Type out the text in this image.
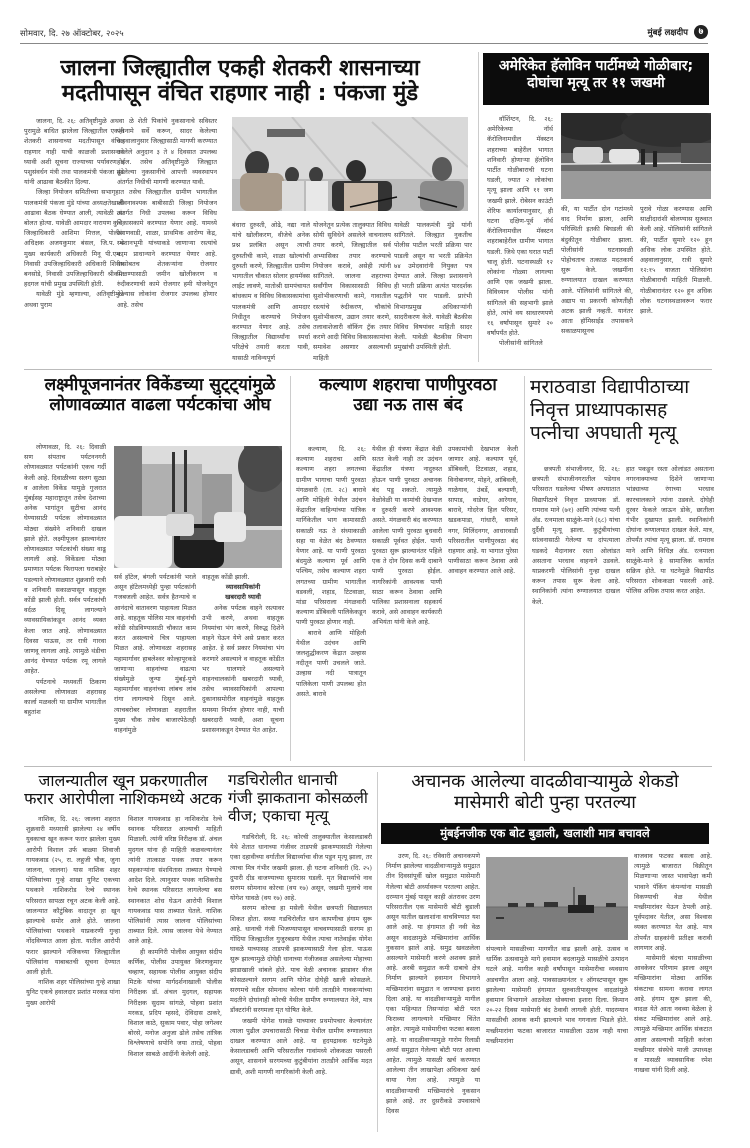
सोमवार, दि. २७ ऑक्टोबर, २०२५	मुंबई लक्षदीप	७
जालना जिल्ह्यातील एकही शेतकरी शासनाच्या
मदतीपासून वंचित राहणार नाही : पंकजा मुंडे

जालना, दि. २६: अतिवृष्टीमुळे अथवा पुरामुळे बाधित झालेला जिल्ह्यातील एकही शेतकरी शासनाच्या मदतीपासून वंचित राहणार नाही याची काळजी प्रशासनाने घ्यावी अशी सूचना राज्याच्या पर्यावरण व पशुसंवर्धन मंत्री तथा पालकमंत्री पंकजा मुंडे यांनी आढावा बैठकीत दिल्या.

जिल्हा नियोजन समितीच्या सभागृहात पालकमंत्री पंकजा मुंडे यांच्या अध्यक्षतेखाली आढावा बैठक घेण्यात आली, त्यावेळी त्या बोलत होत्या. यावेळी आमदार नारायण कुचे, जिल्हाधिकारी आशिमा मित्तल, पोलीस अधिक्षक अजयकुमार बंसल, जि.प. चे मुख्य कार्यकारी अधिकारी मिनू पी.एम., निवासी उपजिल्हाधिकारी अधिकारी शिरीष बनसोडे, निवासी उपजिल्हाधिकारी श्रीकांत हदगल यांची प्रमुख उपस्थिती होती.

यावेळी मुंडे म्हणाल्या, अतिवृष्टीमुळे अथवा पुराम

ळे शेती पिकांचे नुकसानाचे सविस्तर पंचनामे सर्वे करून, सादर केलेल्या अहवालानुसार जिल्ह्यासाठी मागणी करण्यात आलेले अनुदान ३ ते ४ दिवसात उपलब्ध होईल. तसेच अतिवृष्टीमुळे जिल्ह्यात झालेल्या नुकसानीचे आपत्ती व्यवस्थापन अंतर्गत निधीची मागणी करण्यात यावी.

तसेच जिल्ह्यातील ग्रामीण भागातील जीवनावश्यक बाबीसाठी जिल्हा नियोजन अंतर्गत निधी उपलब्ध करून विविध विकासकामे करण्यात येणार आहे. यामध्ये अंगणवाडी, शाळा, प्राथमिक आरोग्य केंद्र, स्मशानभूमी यांच्याकडे जाणाऱ्या रस्त्यांचे काम प्राधान्याने करण्यात येणार आहे. यासोबतच शेतकऱ्यांना रोजगार मिळण्यासाठी जमीन खोलीकरण व रुंदीकरणाची कामे रोजगार हमी योजनेतून केल्यास लोकांना रोजगार उपलब्ध होणार आहे. तसेच

बंधारा दुरुस्ती, ओढे, नद्या नाले यांचे खोलीकरण, वीजेचे अनेक प्रश्न प्रलंबित असून त्याची दुरुस्तीची कामे, शाळा खोल्यांची दुरुस्ती करणे, जिल्ह्यातील ग्रामीण भागातील चौकात सोलार हायमॅक्स लाईट लावणे, मातोश्री ग्रामपंचायत बांधकाम व विविध विकासकामांचा पालकमंत्री आणि आमदार निधीतून करण्याचे नियोजन करण्यात येणार आहे. तसेच जिल्ह्यातील विद्यार्थ्यांना स्पर्धा परिक्षेचे तयारी करता यावी, यासाठी नाविन्यपूर्ण

योजनेतून प्रत्येक तालुक्यात विविध सोयी सुविधेने असलेले वाचनालय तयार करणे, जिल्ह्यातील सर्व अभ्यासिका तयार करण्याचे नियोजन करावे, असेही त्यांनी सांगितले. जालना शहराच्या सर्वांगीण विकासासाठी विविध सुशोभीकरणाची कामे, गावातील रस्त्यांचे रुंदीकरण, चौकांचे सुशोभीकरण, उद्यान तयार करणे, तलावाशेजारी वॉकिंग ट्रॅक तयार करणे आदी विविध विकासकामांचा समावेश असणार असल्याची माहिती

यावेळी पालकमंत्री मुंडे यांनी सांगितले. जिल्ह्यात नुकतीच पोलीस पाटील भरती प्रक्रिया पार पाडली असून या भरती प्रक्रियेत ७४ उमेदवारांनी नियुक्त पत्र देण्यात आले. जिल्हा प्रशासनाने ही भरती प्रक्रिया अत्यंत पारदर्शक पद्धतीने पार पाडली. प्रारंभी विभागप्रमुख अधिकाऱ्यांनी सादरीकरण केले. यावेळी बैठकीस विविध विषयांवर माहिती सादर केली. यावेळी बैठकीस विभाग प्रमुखांची उपस्थिती होती.

अमेरिकेत हॅलोविन पार्टीमध्ये गोळीबार;
दोघांचा मृत्यू तर ११ जखमी

वॉशिंग्टन, दि. २६: अमेरिकेच्या नॉर्थ कॅरोलिनामधील मॅक्स्टन शहराच्या बाहेरील भागात शनिवारी होणाऱ्या हॅलोविन पार्टीत गोळीबाराची घटना घडली, ज्यात २ लोकांचा मृत्यू झाला आणि ११ जण जखमी झाले. रोबेसन काउंटी शेरिफ कार्यालयानुसार, ही घटना दक्षिण-पूर्व नॉर्थ कॅरोलिनामधील मॅक्स्टन शहराबाहेरील ग्रामीण भागात घडली. जिथे एका घरात पार्टी चालू होती. घटनास्थळी १२ लोकांना गोळ्या लागल्या आणि एक जखमी झाला. विविध्यान पोलीस यांनी सांगितले की सहभागी झाले होते, त्यांचे वय साधारणपणे १६ वर्षांपासून सुमारे २० वर्षांपर्यंत होते.

पोलीसांनी सांगितले

की, या पार्टीत दोन गटांमध्ये वाद निर्माण झाला, आणि परिस्थिती इतकी बिघडली की बंदुकीतून गोळीबार झाला. पोलीसांनी घटनास्थळी पोहोचताच तत्काळ मदतकार्य सुरू केले. जखमींना रुग्णालयात दाखल करण्यात आले. पोलिसांनी सांगितले की, अद्याप या प्रकरणी कोणतीही अटक झाली नव्हती. यानंतर आता हॉमिसाईड तपासकने सकाळपासूनच

पुरावे गोळा करण्यास आणि साक्षीदारांशी बोलण्यास सुरुवात केली आहे. पोलिसांनी सांगितले की, पार्टीत सुमारे १२० हून अधिक लोक उपस्थित होते. अहवालानुसार, रात्री सुमारे १२:१५ वाजता पोलिसांना गोळीबाराची माहिती मिळाली. गोळीबारानंतर १२० हून अधिक लोक घटनास्थळावरून फरार झाले.

लक्ष्मीपूजनानंतर विकेंडच्या सुट्ट्यांमुळे
लोणावळ्यात वाढला पर्यटकांचा ओघ

लोणावळा, दि. २६: दिवाळी सण संपताच पर्यटननगरी लोणावळ्यात पर्यटकांनी एकच गर्दी केली आहे. दिवाळीच्या सलग सुट्या व आलेला विकेंड यामुळे गुजरात मुंबईसह महाराष्ट्रातून तसेच देशाच्या अनेक भागांतून सुटीचा आनंद घेण्यासाठी पर्यटक लोणावळ्यात मोठ्या संख्येने शनिवारी दाखल झाले होते. लक्ष्मीपूजन झाल्यानंतर लोणावळ्यात पर्यटकांची संख्या वाढू लागली आहे. विकेंडला मोठ्या प्रमाणात पर्यटक फिरायला घराबाहेर पडल्याने लोणावळ्यात शुक्रवारी रात्री व शनिवारी सकाळपासून वाहतूक कोंडी झाली होती. सर्वत्र पर्यटकांची वर्दळ दिसू लागल्याने व्यावसायिकांकडून आनंद व्यक्त केला जात आहे. लोणावळ्यात दिवसा पाऊस, तर रात्री गारवा जाणवू लागला आहे. त्यामुळे थंडीचा आनंद घेण्यात पर्यटक रमू लागले आहेत.

पर्यटनाचे मध्यवर्ती ठिकाण असलेल्या लोणावळा शहरासह कार्ला मळवली या ग्रामीण भागातील बहुतांश

सर्व हॉटेल, बंगली पर्यटकांनी भरले असून हॉटेलमध्येही पुन्हा पर्यटकांनी गजबजली आहेत. सर्वत्र हैतन्याचे व आनंदाचे वातावरण पाहायला मिळत आहे. वाहतूक पोलिस मात्र वाहनांची कोंडी सोडविण्यासाठी चौकात काम करत असल्याचे चित्र पाहायला मिळत आहे. लोणावळा शहरासह महामार्गावर हाबलेश्वर कोल्हापूरकडे जाणाऱ्या वाहनांच्या वाढत्या संख्येमुळे जुन्या मुंबई-पुणे महामार्गावर वाहनांच्या लांबच लांब रांगा लागल्याचे दिसून आले. त्याचबरोबर लोणावळा शहरातील मुख्य चौक तसेच बाजारपेठेतही वाहनांमुळे

वाहतूक कोंडी झाली.

व्यावसायिकांनी
खबरदारी घ्यावी

अनेक पर्यटक वाहने रस्त्यावर उभी करणे, अथवा वाहतूक नियमांचा भंग करणे, विरुद्ध दिशेने वाहने घेऊन येणे असे प्रकार करत आहेत. हे सर्व प्रकार नियमांचा भंग करणारे असल्याने व वाहतूक कोंडीत भर घालणारे असल्याने वाहनचालकांनी खबरदारी घ्यावी, तसेच व्यावसायिकांनी आपल्या दुकानासमोरील वाहनांमुळे वाहतूक समस्या निर्माण होणार नाही, याची खबरदारी घ्यावी, अशा सूचना प्रशासनाकडून देण्यात येत आहेत.

कल्याण शहराचा पाणीपुरवठा
उद्या नऊ तास बंद

कल्याण, दि. २६: कल्याण शहराचा आणि कल्याण शहरा लगतच्या ग्रामीण भागाचा पाणी पुरवठा मंगळवारी (ता. २८) बारावे आणि मोहिली येथील उदंचन केंद्रातील वाहिन्यांच्या यांत्रिक मार्गिकेतील भाग कामासाठी सकाळी नऊ ते संध्याकाळी सहा या वेळेत बंद ठेवण्यात येणार आहे. या पाणी पुरवठा बंदमुळे कल्याण पूर्व आणि पश्चिम, तसेच कल्याण शहरा लगतच्या ग्रामीण भागातील वडवली, शहाड, टिटवाळा, मांडा परिसराला मंगळवारी कल्याण डोंबिवली पालिकेकडून पाणी पुरवठा होणार नाही.

बारावे आणि मोहिली येथील उदंचन आणि जलशुद्धीकरण केंद्रात उल्हास नदीतून पाणी उचलले जाते. उल्हास नदी पात्रातून पालिकेला पाणी उपलब्ध होत असते. बारावे

येथील ही यंत्रणा केंद्रात वेळी सतत केली नाही तर उदंचन केंद्रातील यंत्रणा नादुरुस्त होऊन पाणी पुरवठा अचानक बंद पडू शकतो. त्यामुळे वेळोवेळी या कामांची देखभाल व दुरुस्ती करणे आवश्यक असते. मंगळवारी बंद करण्यात आलेला पाणी पुरवठा बुधवारी सकाळी पूर्ववत होईल. पाणी पुरवठा सुरू झाल्यानंतर पहिले एक ते दोन दिवस कमी दाबाने पाणी पुरवठा होईल. नागरिकांनी आवश्यक पाणी साठा करून ठेवावा आणि पालिका प्रशासनाला सहकार्य करावे, असे आवाहन कार्यकारी अभियंता यांनी केले आहे.

उपकामांची देखभाल केली जाणार आहे. कल्याण पूर्व, डोंबिवली, टिटवाळा, शहाड, विनोबानगर, मोहने, आंबिवली, गाळेगाव, उंबर्डे, बल्याणी, सापाड, वाडेघर, आरेगाव, बारावे, गोदरेज हिल परिसर, खडकपाडा, गांधारी, वायले नगर, मिलिंदनगर, आधारवाडी परिसरातील पाणीपुरवठा बंद राहणार आहे. या भागात पुरेसा पाणीसाठा करून ठेवावा असे आवाहन करण्यात आले आहे.

मराठवाडा विद्यापीठाच्या
निवृत्त प्राध्यापकासह
पत्नीचा अपघाती मृत्यू

छत्रपती संभाजीनगर, दि. २६: छत्रपती संभाजीनगरातील पडेगाव परिसरात घडलेल्या भीषण अपघातात विद्यापीठाचे निवृत्त प्राध्यापक डॉ. रामराव माने (७१) आणि त्यांच्या पत्नी ॲड. रत्नमाला साळुंके-माने (६८) यांचा दुर्दैवी मृत्यू झाला. कुटुंबीयांच्या सांत्वनासाठी गेलेल्या या दांपत्याला घडकदे मैदानावर रस्ता ओलांडत असताना भरधाव वाहनाने उडवले. याप्रकरणी पोलिसांनी गुन्हा दाखल करून तपास सुरू केला आहे. स्थानिकांनी त्यांना रुग्णालयात दाखल केले.

हात पकडून रस्ता ओलांडत असताना नगरनाक्याच्या दिशेने जाणाऱ्या भांड्याच्या रंगाच्या भरधाव कारचालकाने त्यांना उडवले. दोघेही दूरवर फेकले जाऊन डोके, छातीला गंभीर दुखापत झाली. स्थानिकांनी दोघांना रुग्णालयात दाखल केले. मात्र, तोपर्यंत त्यांचा मृत्यू झाला. डॉ. रामराव माने आणि विधिज्ञ ॲड. रत्नमाला साळुंके-माने हे सामाजिक कार्यात सक्रिय होते. या घटनेमुळे विद्यापीठ परिसरात शोककळा पसरली आहे. पोलिस अधिक तपास करत आहेत.

जालन्यातील खून प्रकरणातील
फरार आरोपीला नाशिकमध्ये अटक

नाशिक, दि. २६: जालना शहरात शुक्रवारी मध्यरात्री झालेल्या २४ वर्षीय युवकाचा खून करून फरार झालेला मुख्य आरोपी विशाल उर्फ बाळ्या शिवाजी गायकवाड (२५, रा. लहुजी चौक, जुना जालना, जालना) यास नाशिक शहर पोलिसांच्या गुन्हे शाखा युनिट एकच्या पथकाने नाशिकरोड रेल्वे स्थानक परिसरात सापळा रचून अटक केली आहे. जालन्यात कौटुंबिक वादातून हा खून झाल्याचे समोर आले होते. जालना पोलिसांच्या पथकाने याप्रकरणी गुन्हा नोंदविण्यात आला होता. यातील आरोपी फरार झाल्याने नजिकच्या जिल्ह्यातील पोलिसांना याबाबतची सूचना देण्यात आली होती.

नाशिक शहर पोलिसांच्या गुन्हे शाखा युनिट एकचे हवालदार प्रशांत मरकड यांना मुख्य आरोपी

विशाल गायकवाड हा नाशिकरोड रेल्वे स्थानक परिसरात आल्याची माहिती मिळाली. त्यांनी वरिष्ठ निरीक्षक डॉ. अंचल मुदगल यांना ही माहिती कळवल्यानंतर त्यांनी तात्काळ पथक तयार करून सहकाऱ्यांना संशयितास ताब्यात घेण्याचे आदेश दिले. त्यानुसार पथक नाशिकरोड रेल्वे स्थानक परिसरात लागलेल्या बस स्थानकात शोध घेऊन आरोपी विशाल गायकवाड यास ताब्यात घेतले. नाशिक पोलिसांनी त्यास जालना पोलिसांच्या ताब्यात दिले. त्यास जालना येथे नेण्यात आले आहे.

ही कामगिरी पोलीस आयुक्त संदीप कर्णिक, पोलीस उपायुक्त किरणकुमार चव्हाण, सहायक पोलीस आयुक्त संदीप मिटके यांच्या मार्गदर्शनाखाली पोलीस निरीक्षक डॉ. अंचल मुदगल, सहायक निरीक्षक सुदाम सांगळे, पोहवा प्रशांत मरकड, प्रदिप म्हसदे, देविदास ठाकरे, विशाल काठे, सुकाम पवार, पोहा जगेश्वर बोरसे, मनोज अनुजा ढोले तसेच तांत्रिक विश्लेषणाचे सपोनि जया तारडे, पोहवा विशाल साबळे आदींनी केलेली आहे.

गडचिरोलीत धानाची
गंजी झाकताना कोसळली
वीज; एकाचा मृत्यू

गडचिरोली, दि. २६: कोरची तालुक्यातील केसालडाबरी येथे शेतात धानाच्या गंजीवर ताडपत्री झाकण्यासाठी गेलेल्या एका दहावीच्या वर्गातील विद्यार्थ्याचा वीज पडून मृत्यू झाला, तर त्याचा मित्र गंभीर जखमी झाला. ही घटना शनिवारी (दि. २५) दुपारी दीड वाजण्याच्या सुमारास घडली. मृत विद्यार्थ्याचे नाव सरगम सोमनाथ कोरचा (वय १७) असून, जखमी मुलाचे नाव योगेश घावळे (वय १७) आहे.

सरगम कोरचा हा मसेली येथील छत्रपती विद्यालयात शिकत होता. सध्या गडचिरोलीत धान कापणीचा हंगाम सुरू आहे. धानाची गंजी भिजण्यापासून वाचवण्यासाठी सरगम हा गोंदिया जिल्ह्यातील गुजुरबडगा येथील त्याचा नातेवाईक योगेश घावळे याच्यासह ताडपत्री झाकण्यासाठी गेला होता. पाऊस सुरू झाल्यामुळे दोघेही धानाच्या गंजीजवळ असलेल्या मोहाच्या झाडाखाली थांबले होते. याच वेळी अचानक झाडावर वीज कोसळल्याने सरगम आणि योगेश दोघेही खाली कोसळले. सरगमचे वडील सोमनाथ कोरचा यांनी तातडीने गावकऱ्यांच्या मदतीने दोघांनाही कोरची येथील ग्रामीण रुग्णालयात नेले, मात्र डॉक्टरांनी सरगमला मृत घोषित केले.

जखमी योगेश घावळे याच्यावर प्रथमोपचार केल्यानंतर त्याला पुढील उपचारासाठी चिचडा येथील ग्रामीण रुग्णालयात दाखल करण्यात आले आहे. या हृदयद्रावक घटनेमुळे केसालडाबरी आणि परिसरातील गावांमध्ये शोककळा पसरली असून, शासनाने सरगमच्या कुटुंबीयांना तातडीने आर्थिक मदत द्यावी, अशी मागणी नागरिकांनी केली आहे.

अचानक आलेल्या वादळीवाऱ्यामुळे शेकडो
मासेमारी बोटी पुन्हा परतल्या
मुंबईनजीक एक बोट बुडाली, खलाशी मात्र बचावले

उरण, दि. २६: रविवारी अचानकपणे निर्माण झालेल्या वादळीवाऱ्यामुळे समुद्रात तीन दिवसांपूर्वी खोल समुद्रात मासेमारी गेलेल्या बोटी अर्ध्यावरून परतल्या आहेत. दरम्यान मुंबई पासून काही अंतरावर उरण परिसरातील एक मासेमारी बोटी बुडाली असून यातील खलाशांना वाचविण्यात यश आले आहे. या हंगामात ही नवी वेळ असून वादळामुळे मच्छिमारांना आर्थिक नुकसान झाले आहे. समुद्र खवळलेला असल्याने मासेमारी करणे अशक्य झाले आहे. अरबी समुद्रात कमी दाबाचे क्षेत्र निर्माण झाल्याने हवामान विभागाने मच्छिमारांना समुद्रात न जाण्याचा इशारा दिला आहे. या वादळीवाऱ्यामुळे मागील एका महिन्यात तिसऱ्यांदा बोटी परत फिराव्या लागल्याने मच्छिमार चिंतेत आहेत. त्यामुळे मासेमारीचा फटका बसला आहे. या वादळीवाऱ्यामुळे गारोम रिलाडी अर्ध्या समुद्रात गेलेल्या बोटी परत आल्या आहेत. त्यामुळे मासळी खर्च करण्यात आलेल्या तीन लाखापेक्षा अधिकचा खर्च वाया गेला आहे. त्यामुळे या वादळीवाऱ्याची मच्छिमारांचे नुकसान झाले आहे. तर दुसरीकडे उपवासाचे दिवस

संपल्याने मासळीच्या मागणीत वाढ झाली आहे. उत्सव व धार्मिक उत्सवामुळे मागे हवामान बदलामुळे मासळीचे उत्पादन घटले आहे. मागील काही वर्षांपासून मासेमारीचा व्यवसाय अडचणीत आला आहे. पावसाळ्यानंतर १ ऑगस्टपासून सुरू झालेल्या मासेमारी हंगामात सुरुवातीपासूनच वादळांमुळे हवामान विभागाने आठवेळा धोक्याचा इशारा दिला. किमान २०-२२ दिवस मासेमारी बंद ठेवावी लागली होती. यादरम्यान मासळीची आवक कमी झाल्याने भाव गगनाला भिडले होते. मच्छीमारांना फटका बाजारात मासळीला उठाव नाही याचा मच्छीमारांना

वाजवाव फटका बसला आहे. त्यामुळे बाजारात विक्रीतून मिळणाऱ्या जास्त भावापेक्षा कमी भावाने पॅकिंग कंपन्यांना मासळी विकण्याची वेळ येथील मच्छीमारांवर येऊन ठेपली आहे. पूर्वपदावर येतील, असा विश्वास व्यक्त करण्यात येत आहे. मात्र तोपर्यंत ग्राहकांनी प्रतीक्षा करावी लागणार आहे.

मासेमारी बंदचा मासळीच्या आवकेवर परिणाम झाला असून मच्छिमारांना मोठ्या आर्थिक संकटाचा सामना करावा लागत आहे. हंगाम सुरू झाला की, वादळ येते आता नवव्या वेळेला हे संकट मच्छिमारांवर आले आहे. त्यामुळे मच्छिमार आर्थिक संकटात आला असल्याची माहिती करंजा मच्छीमार संस्थेचे माजी उपाध्यक्ष व मासळी व्यावसायिक रमेश नाखवा यांनी दिली आहे.
